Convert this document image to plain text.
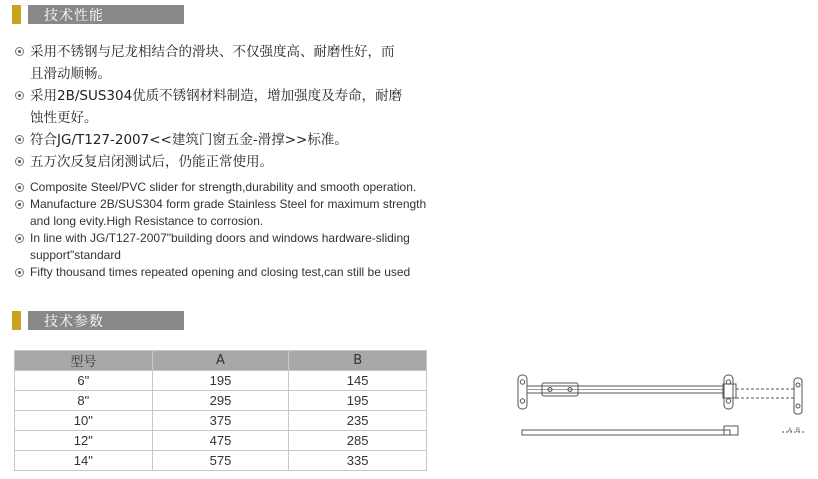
技术性能
采用不锈钢与尼龙相结合的滑块、不仅强度高、耐磨性好，而
且滑动顺畅。
采用2B/SUS304优质不锈钢材料制造，增加强度及寿命，耐磨
蚀性更好。
符合JG/T127-2007<<建筑门窗五金-滑撑>>标准。
五万次反复启闭测试后，仍能正常使用。
Composite Steel/PVC slider for strength,durability and smooth operation.
Manufacture 2B/SUS304 form grade Stainless Steel for maximum strength
and long evity.High Resistance to corrosion.
In line with JG/T127-2007"building doors and windows hardware-sliding
support"standard
Fifty thousand times repeated opening and closing test,can still be used
技术参数
型号	A	B
6"	195	145
8"	295	195
10"	375	235
12"	475	285
14"	575	335
A B
